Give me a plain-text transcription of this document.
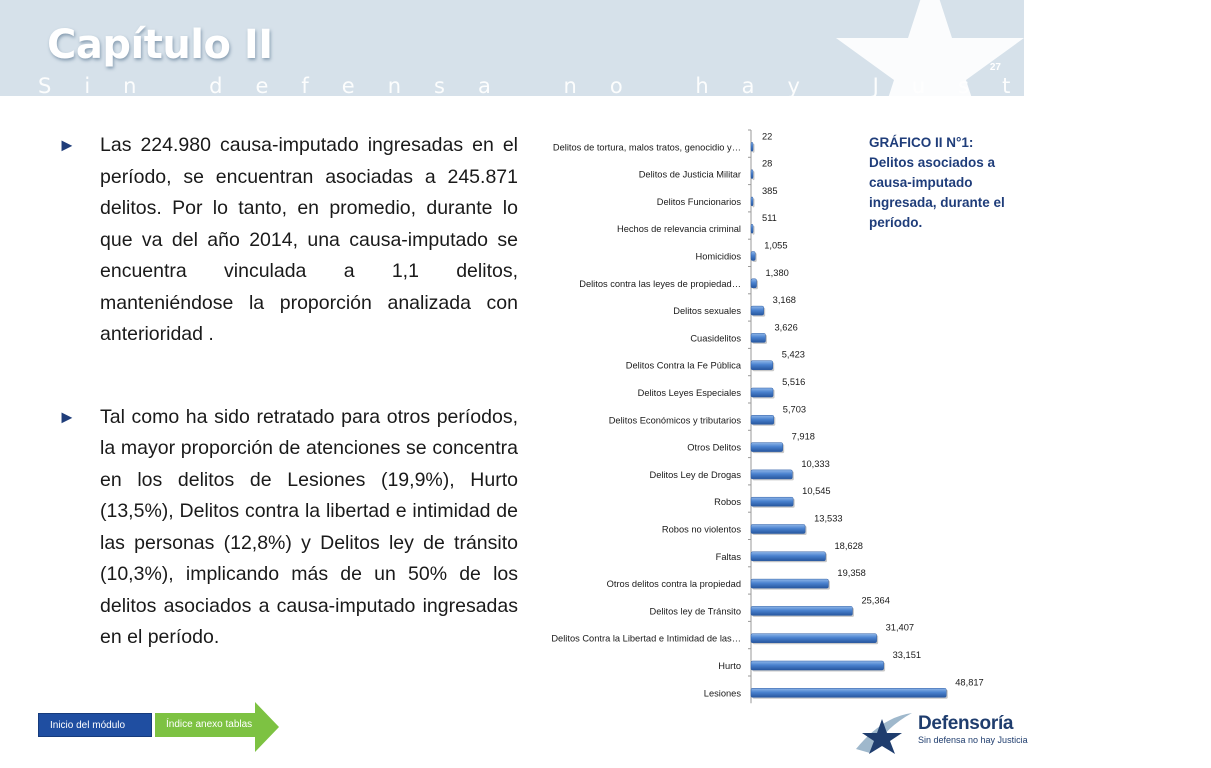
Capítulo II
Sin defensa no hay Justicia
27
► Las 224.980 causa-imputado ingresadas en el período, se encuentran asociadas a 245.871 delitos. Por lo tanto, en promedio, durante lo que va del año 2014, una causa-imputado se encuentra vinculada a 1,1 delitos, manteniéndose la proporción analizada con anterioridad .
► Tal como ha sido retratado para otros períodos, la mayor proporción de atenciones se concentra en los delitos de Lesiones (19,9%), Hurto (13,5%), Delitos contra la libertad e intimidad de las personas (12,8%) y Delitos ley de tránsito (10,3%), implicando más de un 50% de los delitos asociados a causa-imputado ingresadas en el período.
Delitos de tortura, malos tratos, genocidio y…
22
Delitos de Justicia Militar
28
Delitos Funcionarios
385
Hechos de relevancia criminal
511
Homicidios
1,055
Delitos contra las leyes de propiedad…
1,380
Delitos sexuales
3,168
Cuasidelitos
3,626
Delitos Contra la Fe Pública
5,423
Delitos Leyes Especiales
5,516
Delitos Económicos y tributarios
5,703
Otros Delitos
7,918
Delitos Ley de Drogas
10,333
Robos
10,545
Robos no violentos
13,533
Faltas
18,628
Otros delitos contra la propiedad
19,358
Delitos ley de Tránsito
25,364
Delitos Contra la Libertad e Intimidad de las…
31,407
Hurto
33,151
Lesiones
48,817
GRÁFICO II N°1: Delitos asociados a causa-imputado ingresada, durante el período.
Inicio del módulo	Índice anexo tablas	Defensoría
Sin defensa no hay Justicia
